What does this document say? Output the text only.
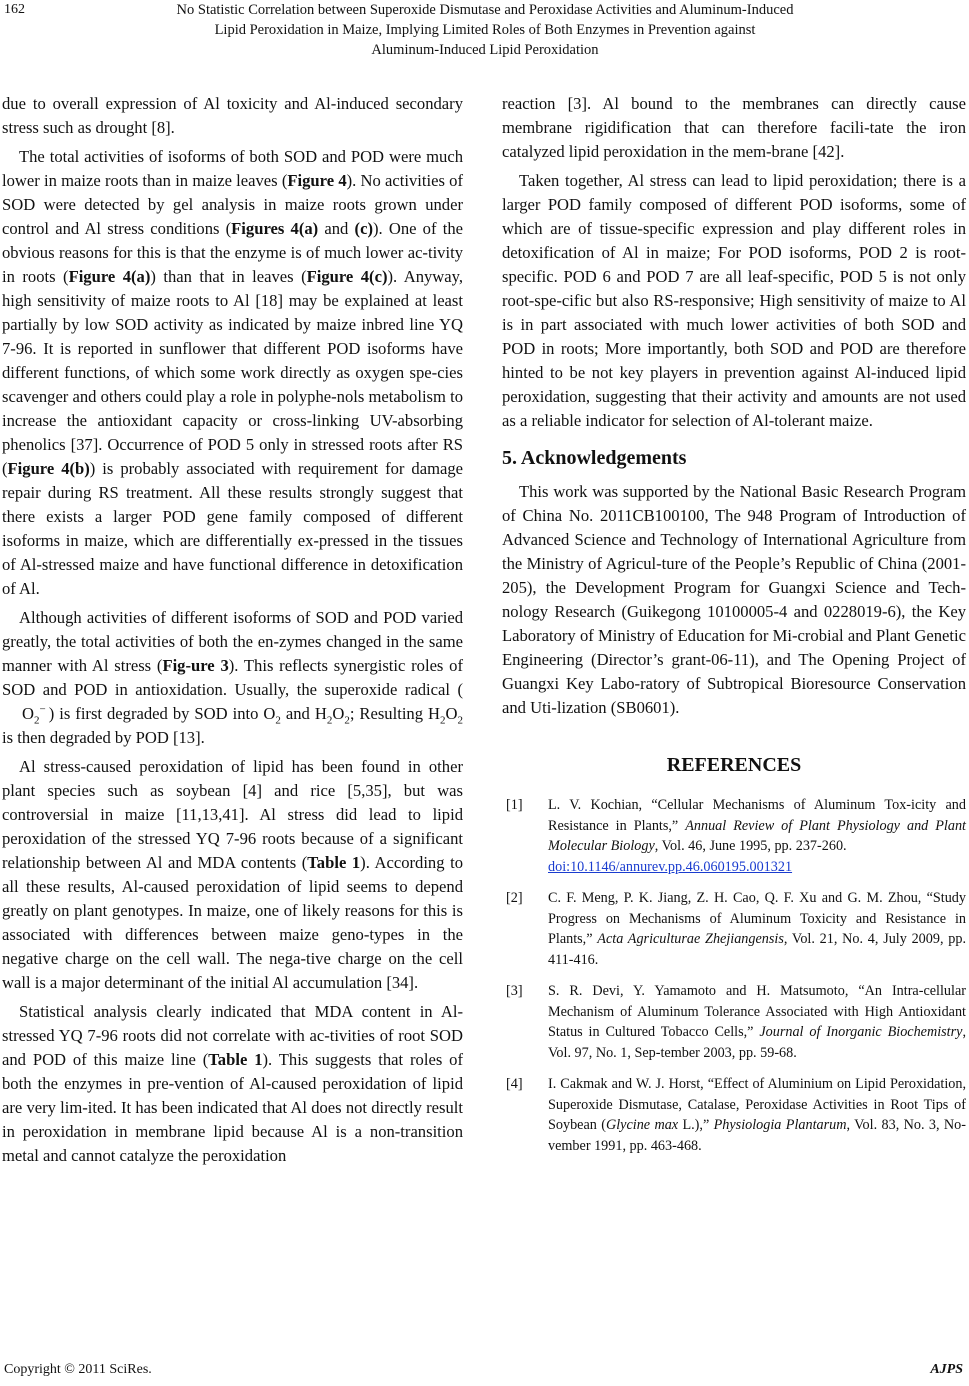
162	No Statistic Correlation between Superoxide Dismutase and Peroxidase Activities and Aluminum-Induced
Lipid Peroxidation in Maize, Implying Limited Roles of Both Enzymes in Prevention against
Aluminum-Induced Lipid Peroxidation

due to overall expression of Al toxicity and Al-induced secondary stress such as drought [8].

The total activities of isoforms of both SOD and POD were much lower in maize roots than in maize leaves (Figure 4). No activities of SOD were detected by gel analysis in maize roots grown under control and Al stress conditions (Figures 4(a) and (c)). One of the obvious reasons for this is that the enzyme is of much lower ac-tivity in roots (Figure 4(a)) than that in leaves (Figure 4(c)). Anyway, high sensitivity of maize roots to Al [18] may be explained at least partially by low SOD activity as indicated by maize inbred line YQ 7-96. It is reported in sunflower that different POD isoforms have different functions, of which some work directly as oxygen spe-cies scavenger and others could play a role in polyphe-nols metabolism to increase the antioxidant capacity or cross-linking UV-absorbing phenolics [37]. Occurrence of POD 5 only in stressed roots after RS (Figure 4(b)) is probably associated with requirement for damage repair during RS treatment. All these results strongly suggest that there exists a larger POD gene family composed of different isoforms in maize, which are differentially ex-pressed in the tissues of Al-stressed maize and have functional difference in detoxification of Al.

Although activities of different isoforms of SOD and POD varied greatly, the total activities of both the en-zymes changed in the same manner with Al stress (Fig-ure 3). This reflects synergistic roles of SOD and POD in antioxidation. Usually, the superoxide radical ($O_2^-$ ) is first degraded by SOD into $O_2$ and $H_2O_2$; Resulting $H_2O_2$ is then degraded by POD [13].

Al stress-caused peroxidation of lipid has been found in other plant species such as soybean [4] and rice [5,35], but was controversial in maize [11,13,41]. Al stress did lead to lipid peroxidation of the stressed YQ 7-96 roots because of a significant relationship between Al and MDA contents (Table 1). According to all these results, Al-caused peroxidation of lipid seems to depend greatly on plant genotypes. In maize, one of likely reasons for this is associated with differences between maize geno-types in the negative charge on the cell wall. The nega-tive charge on the cell wall is a major determinant of the initial Al accumulation [34].

Statistical analysis clearly indicated that MDA content in Al-stressed YQ 7-96 roots did not correlate with ac-tivities of root SOD and POD of this maize line (Table 1). This suggests that roles of both the enzymes in pre-vention of Al-caused peroxidation of lipid are very lim-ited. It has been indicated that Al does not directly result in peroxidation in membrane lipid because Al is a non-transition metal and cannot catalyze the peroxidation

reaction [3]. Al bound to the membranes can directly cause membrane rigidification that can therefore facili-tate the iron catalyzed lipid peroxidation in the mem-brane [42].

Taken together, Al stress can lead to lipid peroxidation; there is a larger POD family composed of different POD isoforms, some of which are of tissue-specific expression and play different roles in detoxification of Al in maize; For POD isoforms, POD 2 is root-specific. POD 6 and POD 7 are all leaf-specific, POD 5 is not only root-spe-cific but also RS-responsive; High sensitivity of maize to Al is in part associated with much lower activities of both SOD and POD in roots; More importantly, both SOD and POD are therefore hinted to be not key players in prevention against Al-induced lipid peroxidation, suggesting that their activity and amounts are not used as a reliable indicator for selection of Al-tolerant maize.

5. Acknowledgements

This work was supported by the National Basic Research Program of China No. 2011CB100100, The 948 Program of Introduction of Advanced Science and Technology of International Agriculture from the Ministry of Agricul-ture of the People’s Republic of China (2001-205), the Development Program for Guangxi Science and Tech-nology Research (Guikegong 10100005-4 and 0228019-6), the Key Laboratory of Ministry of Education for Mi-crobial and Plant Genetic Engineering (Director’s grant-06-11), and The Opening Project of Guangxi Key Labo-ratory of Subtropical Bioresource Conservation and Uti-lization (SB0601).

REFERENCES
[1]	L. V. Kochian, “Cellular Mechanisms of Aluminum Tox-icity and Resistance in Plants,” Annual Review of Plant Physiology and Plant Molecular Biology, Vol. 46, June 1995, pp. 237-260.
doi:10.1146/annurev.pp.46.060195.001321
[2]	C. F. Meng, P. K. Jiang, Z. H. Cao, Q. F. Xu and G. M. Zhou, “Study Progress on Mechanisms of Aluminum Toxicity and Resistance in Plants,” Acta Agriculturae Zhejiangensis, Vol. 21, No. 4, July 2009, pp. 411-416.
[3]	S. R. Devi, Y. Yamamoto and H. Matsumoto, “An Intra-cellular Mechanism of Aluminum Tolerance Associated with High Antioxidant Status in Cultured Tobacco Cells,” Journal of Inorganic Biochemistry, Vol. 97, No. 1, Sep-tember 2003, pp. 59-68.
[4]	I. Cakmak and W. J. Horst, “Effect of Aluminium on Lipid Peroxidation, Superoxide Dismutase, Catalase, Peroxidase Activities in Root Tips of Soybean (Glycine max L.),” Physiologia Plantarum, Vol. 83, No. 3, No-vember 1991, pp. 463-468.
Copyright © 2011 SciRes.	AJPS
